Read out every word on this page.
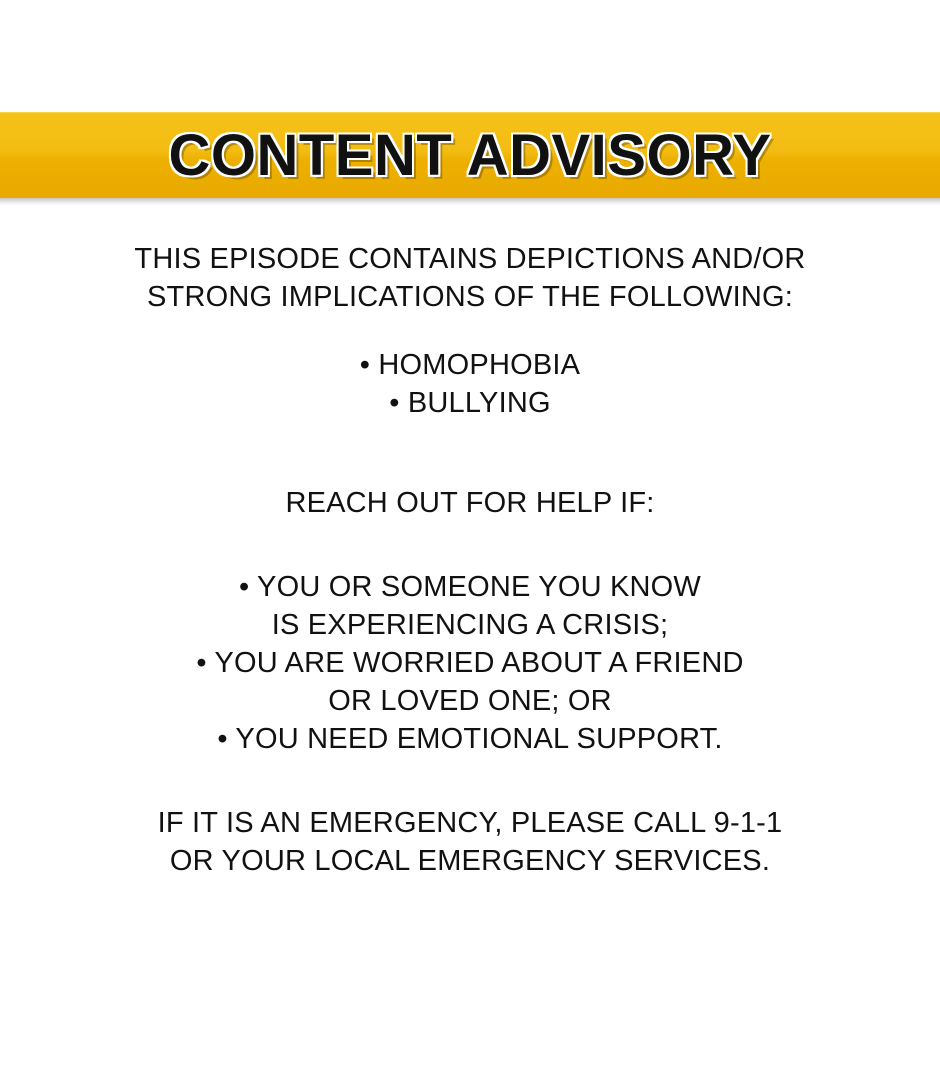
CONTENT ADVISORY
THIS EPISODE CONTAINS DEPICTIONS AND/OR
STRONG IMPLICATIONS OF THE FOLLOWING:
• HOMOPHOBIA
• BULLYING
REACH OUT FOR HELP IF:
• YOU OR SOMEONE YOU KNOW
IS EXPERIENCING A CRISIS;
• YOU ARE WORRIED ABOUT A FRIEND
OR LOVED ONE; OR
• YOU NEED EMOTIONAL SUPPORT.
IF IT IS AN EMERGENCY, PLEASE CALL 9-1-1
OR YOUR LOCAL EMERGENCY SERVICES.
